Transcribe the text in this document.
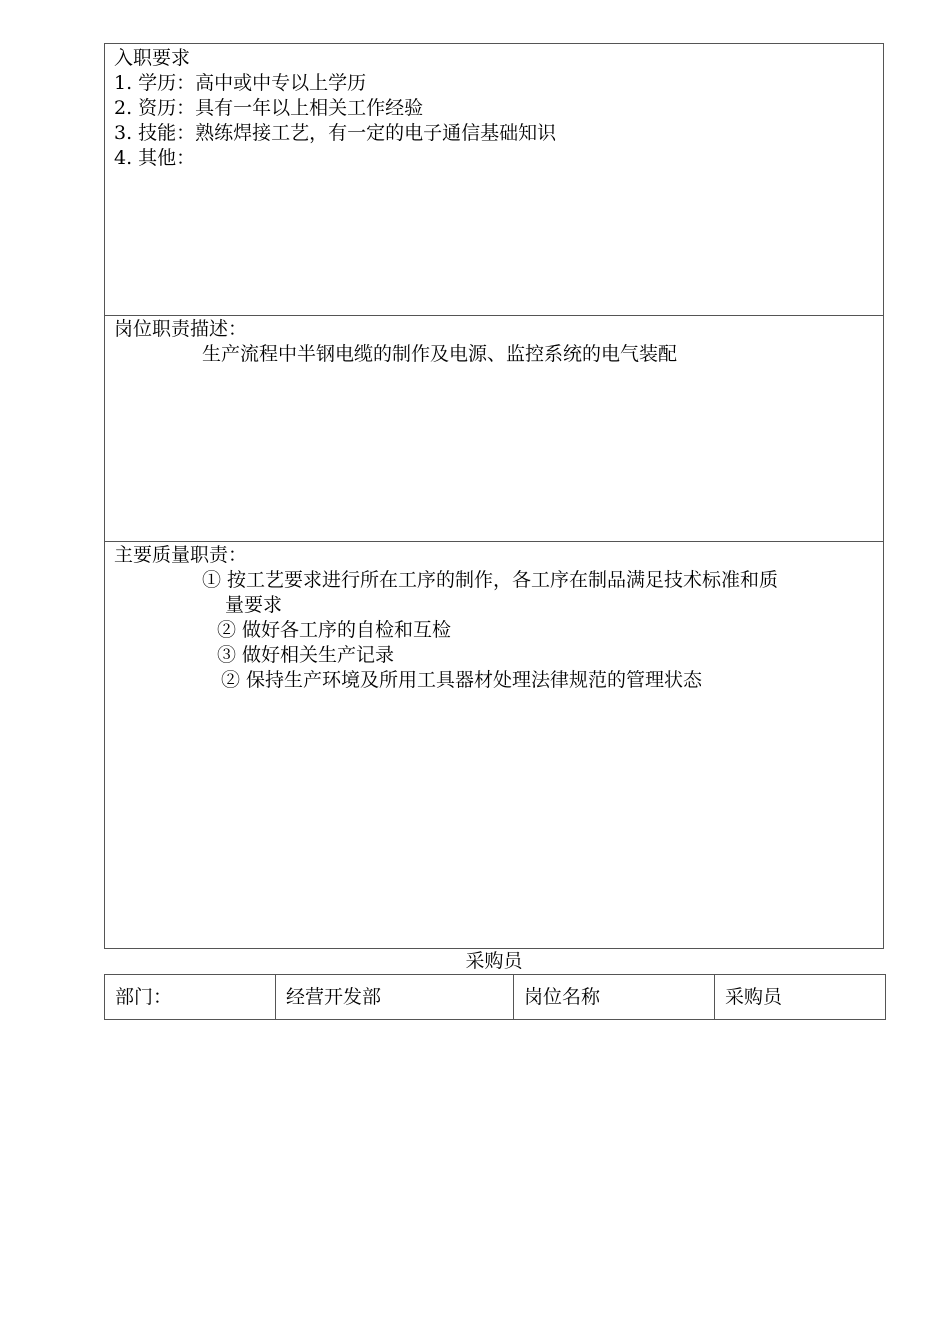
入职要求
1. 学历：高中或中专以上学历
2. 资历：具有一年以上相关工作经验
3. 技能：熟练焊接工艺，有一定的电子通信基础知识
4. 其他：
岗位职责描述：
生产流程中半钢电缆的制作及电源、监控系统的电气装配
主要质量职责：
① 按工艺要求进行所在工序的制作，各工序在制品满足技术标准和质
量要求
② 做好各工序的自检和互检
③ 做好相关生产记录
② 保持生产环境及所用工具器材处理法律规范的管理状态
采购员
部门：	经营开发部	岗位名称	采购员
